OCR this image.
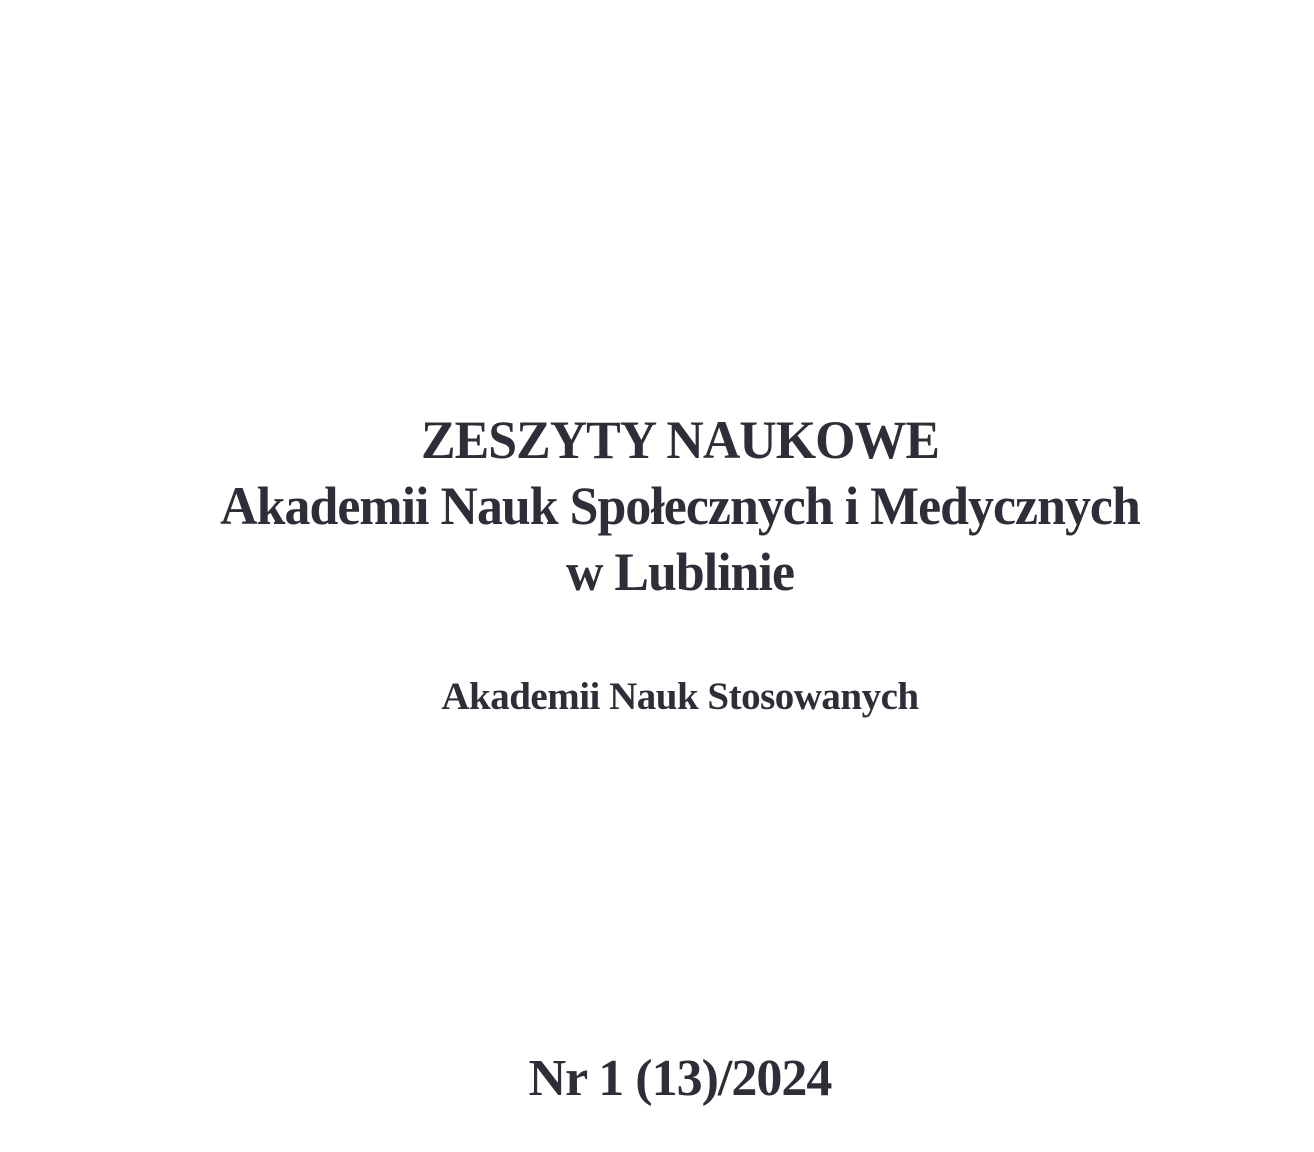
ZESZYTY NAUKOWE
Akademii Nauk Społecznych i Medycznych
w Lublinie
Akademii Nauk Stosowanych
Nr 1 (13)/2024
